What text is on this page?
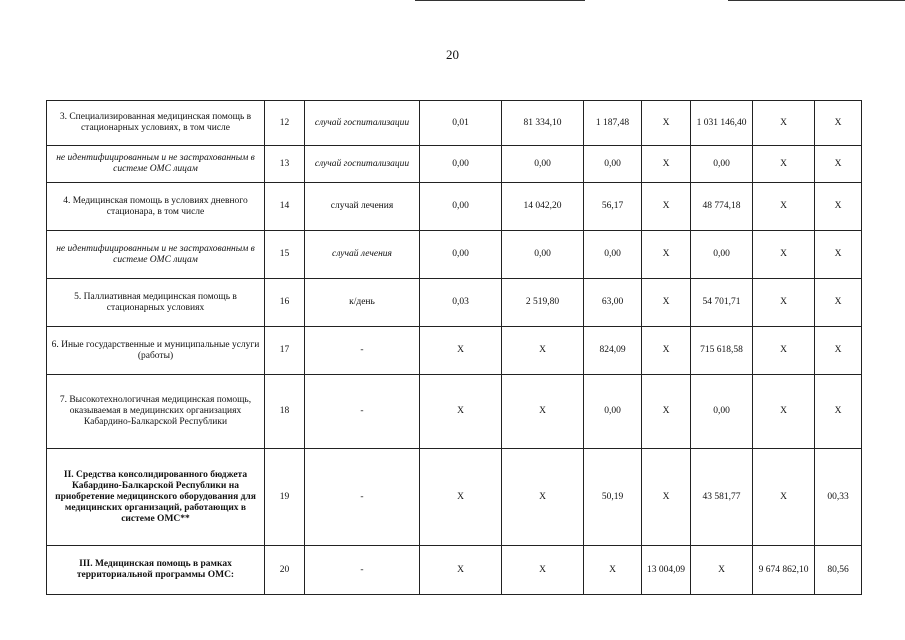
20
3. Специализированная медицинская помощь в стационарных условиях, в том числе	12	случай госпитализации	0,01	81 334,10	1 187,48	X	1 031 146,40	X	X
не идентифицированным и не застрахованным в системе ОМС лицам	13	случай госпитализации	0,00	0,00	0,00	X	0,00	X	X
4. Медицинская помощь в условиях дневного стационара, в том числе	14	случай лечения	0,00	14 042,20	56,17	X	48 774,18	X	X
не идентифицированным и не застрахованным в системе ОМС лицам	15	случай лечения	0,00	0,00	0,00	X	0,00	X	X
5. Паллиативная медицинская помощь в стационарных условиях	16	к/день	0,03	2 519,80	63,00	X	54 701,71	X	X
6. Иные государственные и муниципальные услуги (работы)	17	-	X	X	824,09	X	715 618,58	X	X
7. Высокотехнологичная медицинская помощь, оказываемая в медицинских организациях Кабардино-Балкарской Республики	18	-	X	X	0,00	X	0,00	X	X
II. Средства консолидированного бюджета Кабардино-Балкарской Республики на приобретение медицинского оборудования для медицинских организаций, работающих в системе ОМС**	19	-	X	X	50,19	X	43 581,77	X	00,33
III. Медицинская помощь в рамках территориальной программы ОМС:	20	-	X	X	X	13 004,09	X	9 674 862,10	80,56
